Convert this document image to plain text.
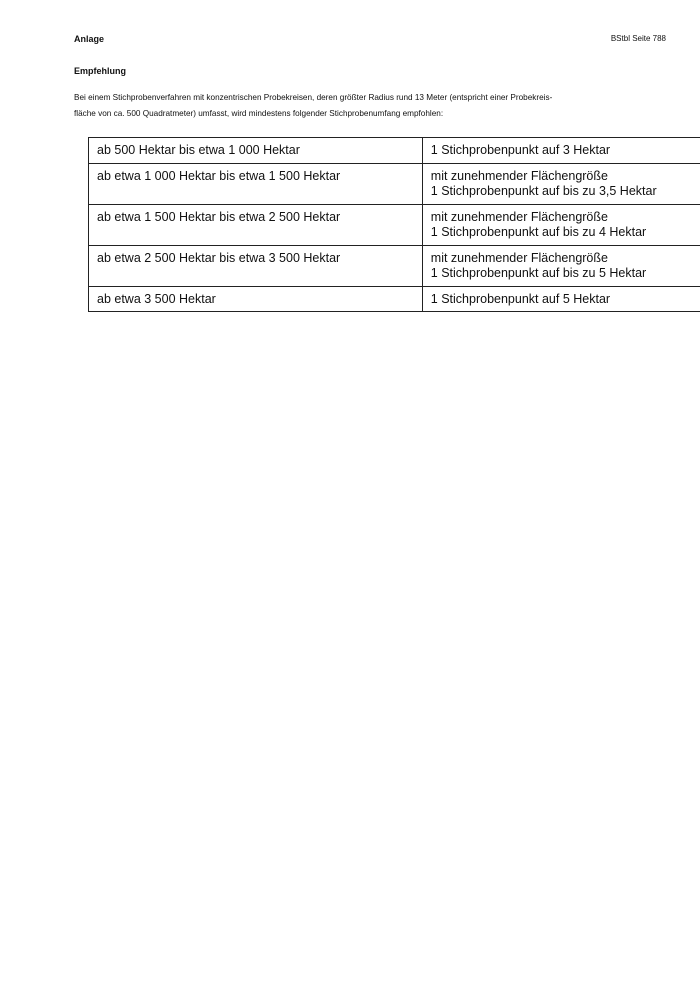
Anlage	BStbl Seite 788
Empfehlung

Bei einem Stichprobenverfahren mit konzentrischen Probekreisen, deren größter Radius rund 13 Meter (entspricht einer Probekreis-
fläche von ca. 500 Quadratmeter) umfasst, wird mindestens folgender Stichprobenumfang empfohlen:

ab 500 Hektar bis etwa 1 000 Hektar	1 Stichprobenpunkt auf 3 Hektar

ab etwa 1 000 Hektar bis etwa 1 500 Hektar	mit zunehmender Flächengröße
1 Stichprobenpunkt auf bis zu 3,5 Hektar

ab etwa 1 500 Hektar bis etwa 2 500 Hektar	mit zunehmender Flächengröße
1 Stichprobenpunkt auf bis zu 4 Hektar

ab etwa 2 500 Hektar bis etwa 3 500 Hektar	mit zunehmender Flächengröße
1 Stichprobenpunkt auf bis zu 5 Hektar

ab etwa 3 500 Hektar	1 Stichprobenpunkt auf 5 Hektar
